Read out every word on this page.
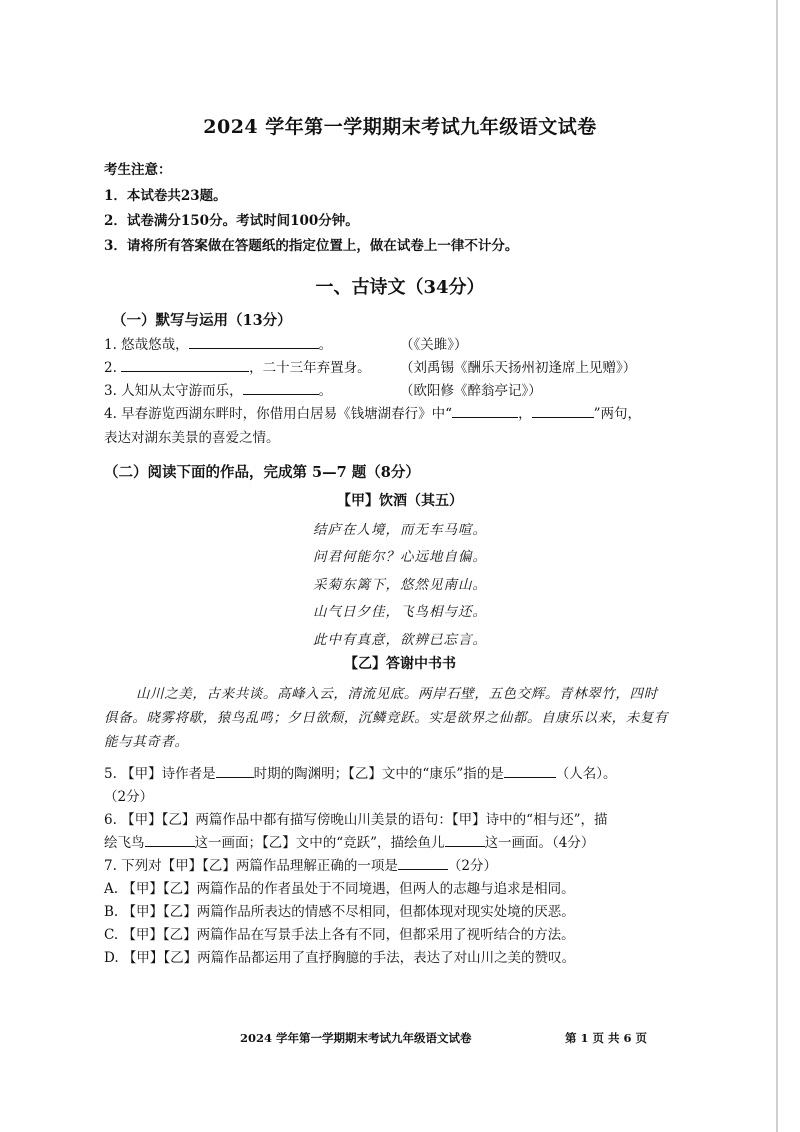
2024 学年第一学期期末考试九年级语文试卷
考生注意：
1．本试卷共23题。
2．试卷满分150分。考试时间100分钟。
3．请将所有答案做在答题纸的指定位置上，做在试卷上一律不计分。
一、古诗文（34分）
（一）默写与运用（13分）
1. 悠哉悠哉，	。	（《关雎》）
2.	，二十三年弃置身。 （刘禹锡《酬乐天扬州初逢席上见赠》）
3. 人知从太守游而乐，	。	（欧阳修《醉翁亭记》）
4. 早春游览西湖东畔时，你借用白居易《钱塘湖春行》中“	，	”两句，
表达对湖东美景的喜爱之情。
（二）阅读下面的作品，完成第 5—7 题（8分）
【甲】饮酒（其五）
结庐在人境，而无车马喧。
问君何能尔？心远地自偏。
采菊东篱下，悠然见南山。
山气日夕佳，飞鸟相与还。
此中有真意，欲辨已忘言。
【乙】答谢中书书
山川之美，古来共谈。高峰入云，清流见底。两岸石壁，五色交辉。青林翠竹，四时
俱备。晓雾将歇，猿鸟乱鸣；夕日欲颓，沉鳞竞跃。实是欲界之仙都。自康乐以来，未复有
能与其奇者。
5. 【甲】诗作者是	时期的陶渊明；【乙】文中的“康乐”指的是	（人名）。
（2分）
6. 【甲】【乙】两篇作品中都有描写傍晚山川美景的语句：【甲】诗中的“相与还”，描
绘飞鸟	这一画面；【乙】文中的“竞跃”，描绘鱼儿	这一画面。（4分）
7. 下列对【甲】【乙】两篇作品理解正确的一项是	（2分）
A. 【甲】【乙】两篇作品的作者虽处于不同境遇，但两人的志趣与追求是相同。
B. 【甲】【乙】两篇作品所表达的情感不尽相同，但都体现对现实处境的厌恶。
C. 【甲】【乙】两篇作品在写景手法上各有不同，但都采用了视听结合的方法。
D. 【甲】【乙】两篇作品都运用了直抒胸臆的手法，表达了对山川之美的赞叹。
2024 学年第一学期期末考试九年级语文试卷	第 1 页 共 6 页
